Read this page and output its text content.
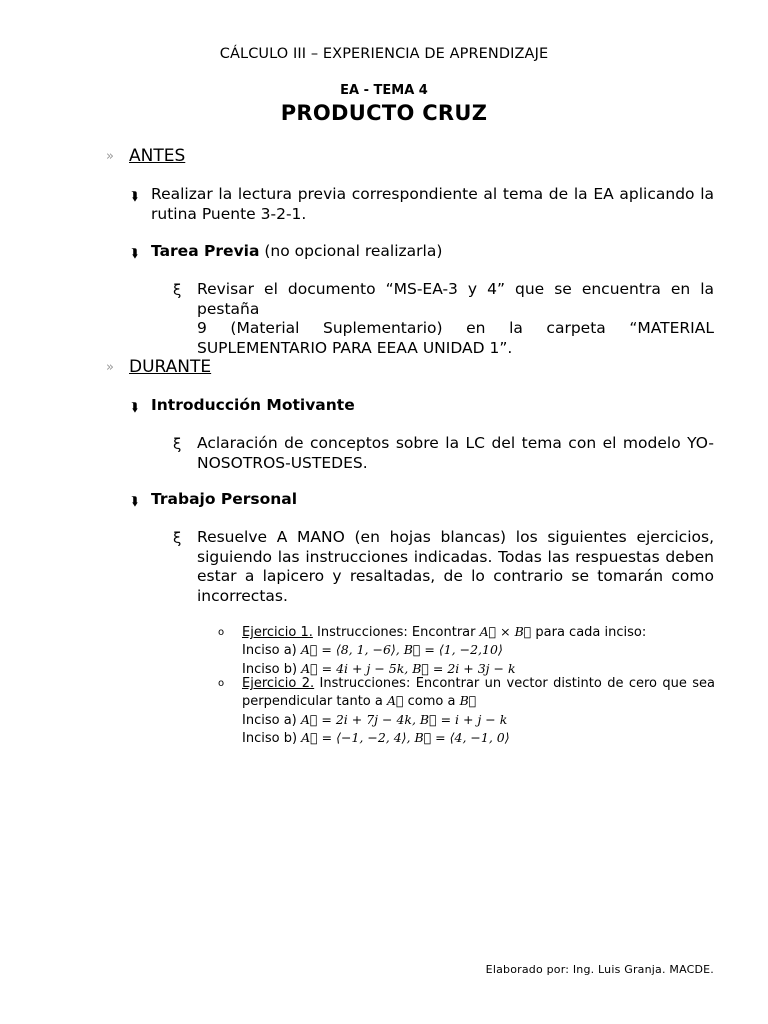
CÁLCULO III – EXPERIENCIA DE APRENDIZAJE
EA - TEMA 4
PRODUCTO CRUZ
» ANTES
⮯ Realizar la lectura previa correspondiente al tema de la EA aplicando la
rutina Puente 3-2-1.
⮯ Tarea Previa (no opcional realizarla)
ξ Revisar el documento “MS-EA-3 y 4” que se encuentra en la pestaña
9 (Material Suplementario) en la carpeta “MATERIAL
SUPLEMENTARIO PARA EEAA UNIDAD 1”.
» DURANTE
⮯ Introducción Motivante
ξ Aclaración de conceptos sobre la LC del tema con el modelo YO-
NOSOTROS-USTEDES.
⮯ Trabajo Personal
ξ Resuelve A MANO (en hojas blancas) los siguientes ejercicios,
siguiendo las instrucciones indicadas. Todas las respuestas deben
estar a lapicero y resaltadas, de lo contrario se tomarán como
incorrectas.
o Ejercicio 1. Instrucciones: Encontrar A⃗ × B⃗ para cada inciso:
Inciso a) A⃗ = ⟨8, 1, −6⟩, B⃗ = ⟨1, −2,10⟩
Inciso b) A⃗ = 4i + j − 5k, B⃗ = 2i + 3j − k
o Ejercicio 2. Instrucciones: Encontrar un vector distinto de cero que sea
perpendicular tanto a A⃗ como a B⃗
Inciso a) A⃗ = 2i + 7j − 4k, B⃗ = i + j − k
Inciso b) A⃗ = ⟨−1, −2, 4⟩, B⃗ = ⟨4, −1, 0⟩
Elaborado por: Ing. Luis Granja. MACDE.
